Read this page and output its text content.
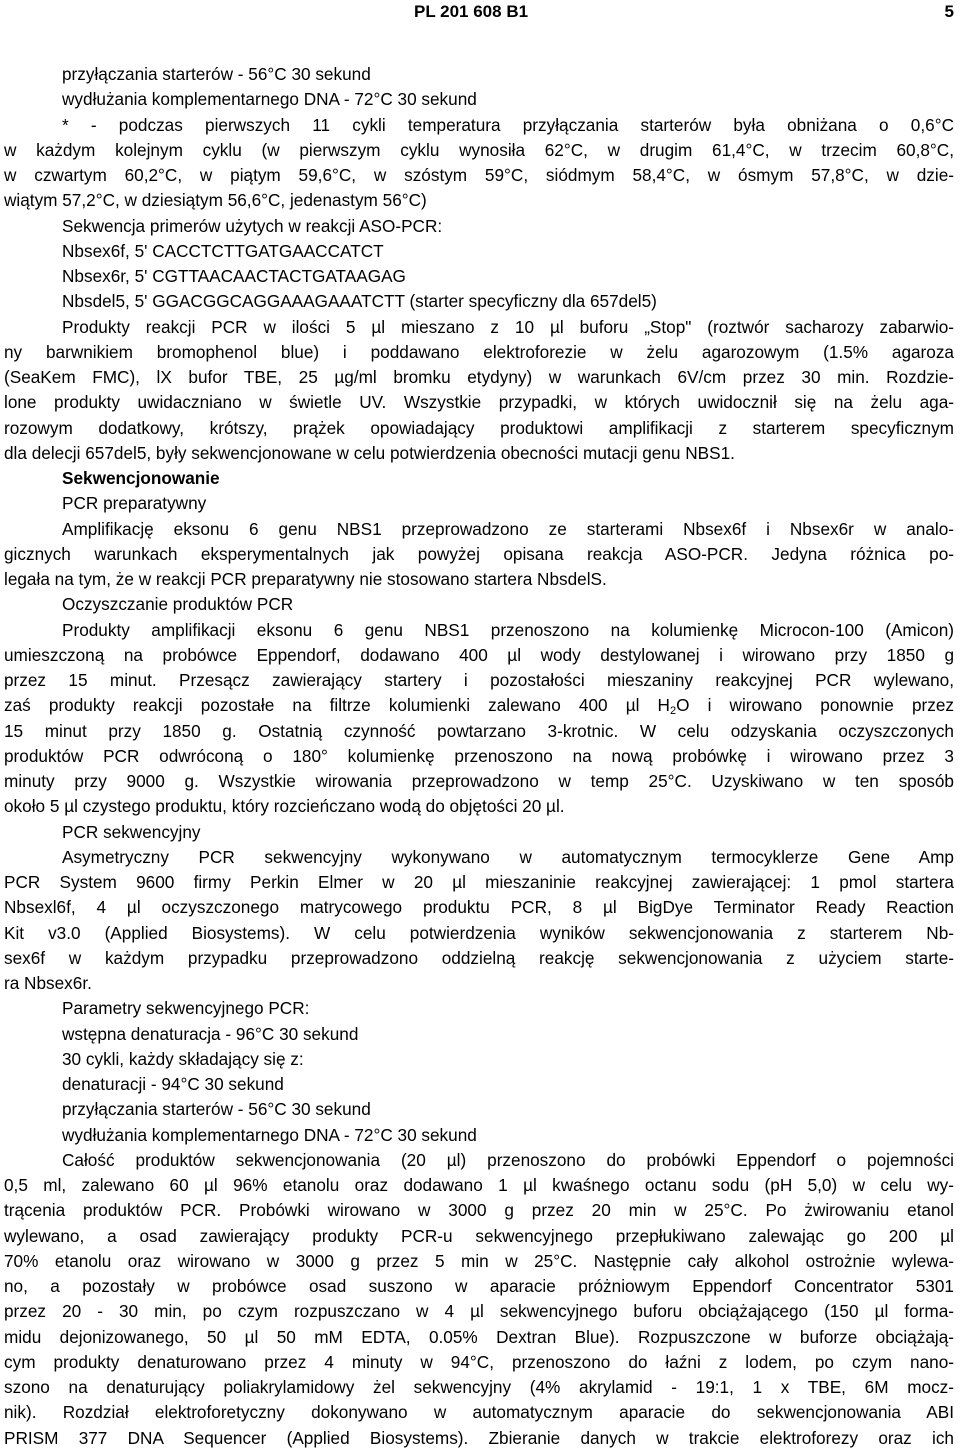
PL 201 608 B1	5
przyłączania starterów - 56°C 30 sekund
wydłużania komplementarnego DNA - 72°C 30 sekund
* - podczas pierwszych 11 cykli temperatura przyłączania starterów była obniżana o 0,6°C
w każdym kolejnym cyklu (w pierwszym cyklu wynosiła 62°C, w drugim 61,4°C, w trzecim 60,8°C,
w czwartym 60,2°C, w piątym 59,6°C, w szóstym 59°C, siódmym 58,4°C, w ósmym 57,8°C, w dzie-
wiątym 57,2°C, w dziesiątym 56,6°C, jedenastym 56°C)
Sekwencja primerów użytych w reakcji ASO-PCR:
Nbsex6f, 5' CACCTCTTGATGAACCATCT
Nbsex6r, 5' CGTTAACAACTACTGATAAGAG
Nbsdel5, 5' GGACGGCAGGAAAGAAATCTT (starter specyficzny dla 657del5)
Produkty reakcji PCR w ilości 5 µl mieszano z 10 µl buforu „Stop" (roztwór sacharozy zabarwio-
ny barwnikiem bromophenol blue) i poddawano elektroforezie w żelu agarozowym (1.5% agaroza
(SeaKem FMC), lX bufor TBE, 25 µg/ml bromku etydyny) w warunkach 6V/cm przez 30 min. Rozdzie-
lone produkty uwidaczniano w świetle UV. Wszystkie przypadki, w których uwidocznił się na żelu aga-
rozowym dodatkowy, krótszy, prążek opowiadający produktowi amplifikacji z starterem specyficznym
dla delecji 657del5, były sekwencjonowane w celu potwierdzenia obecności mutacji genu NBS1.
Sekwencjonowanie
PCR preparatywny
Amplifikację eksonu 6 genu NBS1 przeprowadzono ze starterami Nbsex6f i Nbsex6r w analo-
gicznych warunkach eksperymentalnych jak powyżej opisana reakcja ASO-PCR. Jedyna różnica po-
legała na tym, że w reakcji PCR preparatywny nie stosowano startera NbsdelS.
Oczyszczanie produktów PCR
Produkty amplifikacji eksonu 6 genu NBS1 przenoszono na kolumienkę Microcon-100 (Amicon)
umieszczoną na probówce Eppendorf, dodawano 400 µl wody destylowanej i wirowano przy 1850 g
przez 15 minut. Przesącz zawierający startery i pozostałości mieszaniny reakcyjnej PCR wylewano,
zaś produkty reakcji pozostałe na filtrze kolumienki zalewano 400 µl $H_2O$ i wirowano ponownie przez
15 minut przy 1850 g. Ostatnią czynność powtarzano 3-krotnic. W celu odzyskania oczyszczonych
produktów PCR odwróconą o 180° kolumienkę przenoszono na nową probówkę i wirowano przez 3
minuty przy 9000 g. Wszystkie wirowania przeprowadzono w temp 25°C. Uzyskiwano w ten sposób
około 5 µl czystego produktu, który rozcieńczano wodą do objętości 20 µl.
PCR sekwencyjny
Asymetryczny PCR sekwencyjny wykonywano w automatycznym termocyklerze Gene Amp
PCR System 9600 firmy Perkin Elmer w 20 µl mieszaninie reakcyjnej zawierającej: 1 pmol startera
Nbsexl6f, 4 µl oczyszczonego matrycowego produktu PCR, 8 µl BigDye Terminator Ready Reaction
Kit v3.0 (Applied Biosystems). W celu potwierdzenia wyników sekwencjonowania z starterem Nb-
sex6f w każdym przypadku przeprowadzono oddzielną reakcję sekwencjonowania z użyciem starte-
ra Nbsex6r.
Parametry sekwencyjnego PCR:
wstępna denaturacja - 96°C 30 sekund
30 cykli, każdy składający się z:
denaturacji - 94°C 30 sekund
przyłączania starterów - 56°C 30 sekund
wydłużania komplementarnego DNA - 72°C 30 sekund
Całość produktów sekwencjonowania (20 µl) przenoszono do probówki Eppendorf o pojemności
0,5 ml, zalewano 60 µl 96% etanolu oraz dodawano 1 µl kwaśnego octanu sodu (pH 5,0) w celu wy-
trącenia produktów PCR. Probówki wirowano w 3000 g przez 20 min w 25°C. Po żwirowaniu etanol
wylewano, a osad zawierający produkty PCR-u sekwencyjnego przepłukiwano zalewając go 200 µl
70% etanolu oraz wirowano w 3000 g przez 5 min w 25°C. Następnie cały alkohol ostrożnie wylewa-
no, a pozostały w probówce osad suszono w aparacie próżniowym Eppendorf Concentrator 5301
przez 20 - 30 min, po czym rozpuszczano w 4 µl sekwencyjnego buforu obciążającego (150 µl forma-
midu dejonizowanego, 50 µl 50 mM EDTA, 0.05% Dextran Blue). Rozpuszczone w buforze obciążają-
cym produkty denaturowano przez 4 minuty w 94°C, przenoszono do łaźni z lodem, po czym nano-
szono na denaturujący poliakrylamidowy żel sekwencyjny (4% akrylamid - 19:1, 1 x TBE, 6M mocz-
nik). Rozdział elektroforetyczny dokonywano w automatycznym aparacie do sekwencjonowania ABI
PRISM 377 DNA Sequencer (Applied Biosystems). Zbieranie danych w trakcie elektroforezy oraz ich
